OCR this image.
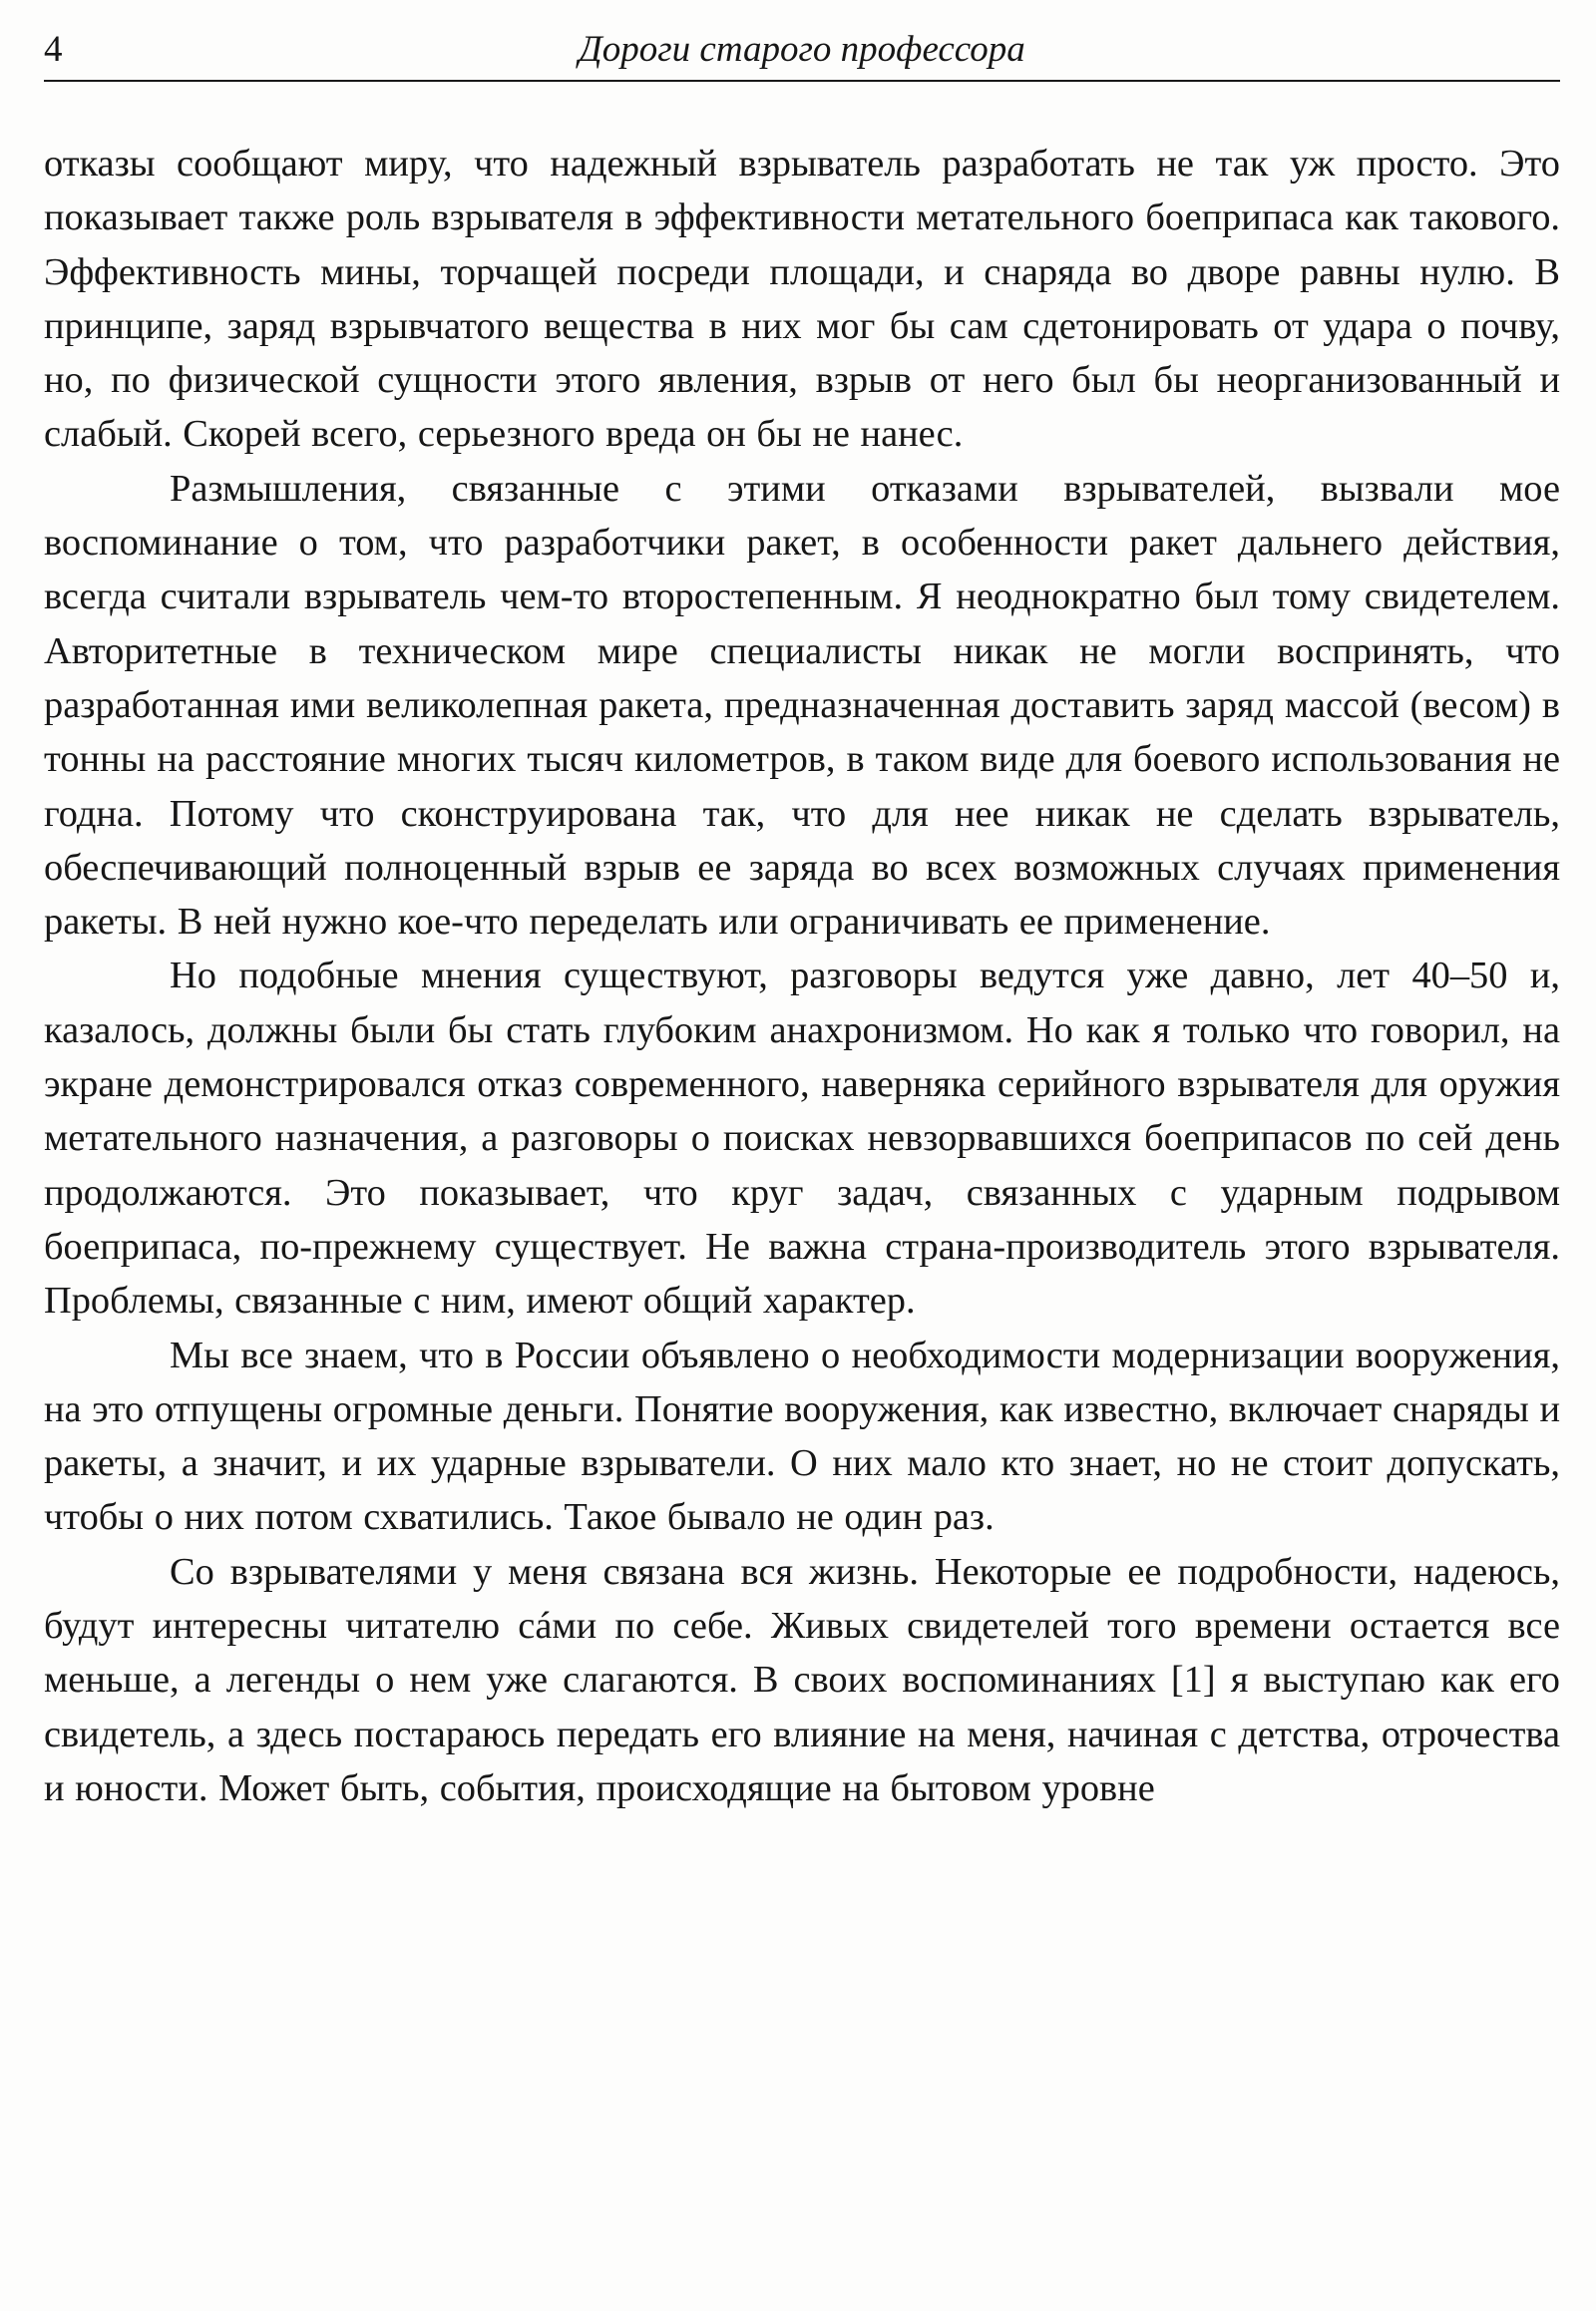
4	Дороги старого профессора

отказы сообщают миру, что надежный взрыватель разработать не так уж просто. Это показывает также роль взрывателя в эффективности метательного боеприпаса как такового. Эффективность мины, торчащей посреди площади, и снаряда во дворе равны нулю. В принципе, заряд взрывчатого вещества в них мог бы сам сдетонировать от удара о почву, но, по физической сущности этого явления, взрыв от него был бы неорганизованный и слабый. Скорей всего, серьезного вреда он бы не нанес.

Размышления, связанные с этими отказами взрывателей, вызвали мое воспоминание о том, что разработчики ракет, в особенности ракет дальнего действия, всегда считали взрыватель чем-то второстепенным. Я неоднократно был тому свидетелем. Авторитетные в техническом мире специалисты никак не могли воспринять, что разработанная ими великолепная ракета, предназначенная доставить заряд массой (весом) в тонны на расстояние многих тысяч километров, в таком виде для боевого использования не годна. Потому что сконструирована так, что для нее никак не сделать взрыватель, обеспечивающий полноценный взрыв ее заряда во всех возможных случаях применения ракеты. В ней нужно кое-что переделать или ограничивать ее применение.

Но подобные мнения существуют, разговоры ведутся уже давно, лет 40–50 и, казалось, должны были бы стать глубоким анахронизмом. Но как я только что говорил, на экране демонстрировался отказ современного, наверняка серийного взрывателя для оружия метательного назначения, а разговоры о поисках невзорвавшихся боеприпасов по сей день продолжаются. Это показывает, что круг задач, связанных с ударным подрывом боеприпаса, по-прежнему существует. Не важна страна-производитель этого взрывателя. Проблемы, связанные с ним, имеют общий характер.

Мы все знаем, что в России объявлено о необходимости модернизации вооружения, на это отпущены огромные деньги. Понятие вооружения, как известно, включает снаряды и ракеты, а значит, и их ударные взрыватели. О них мало кто знает, но не стоит допускать, чтобы о них потом схватились. Такое бывало не один раз.

Со взрывателями у меня связана вся жизнь. Некоторые ее подробности, надеюсь, будут интересны читателю сáми по себе. Живых свидетелей того времени остается все меньше, а легенды о нем уже слагаются. В своих воспоминаниях [1] я выступаю как его свидетель, а здесь постараюсь передать его влияние на меня, начиная с детства, отрочества и юности. Может быть, события, происходящие на бытовом уровне
